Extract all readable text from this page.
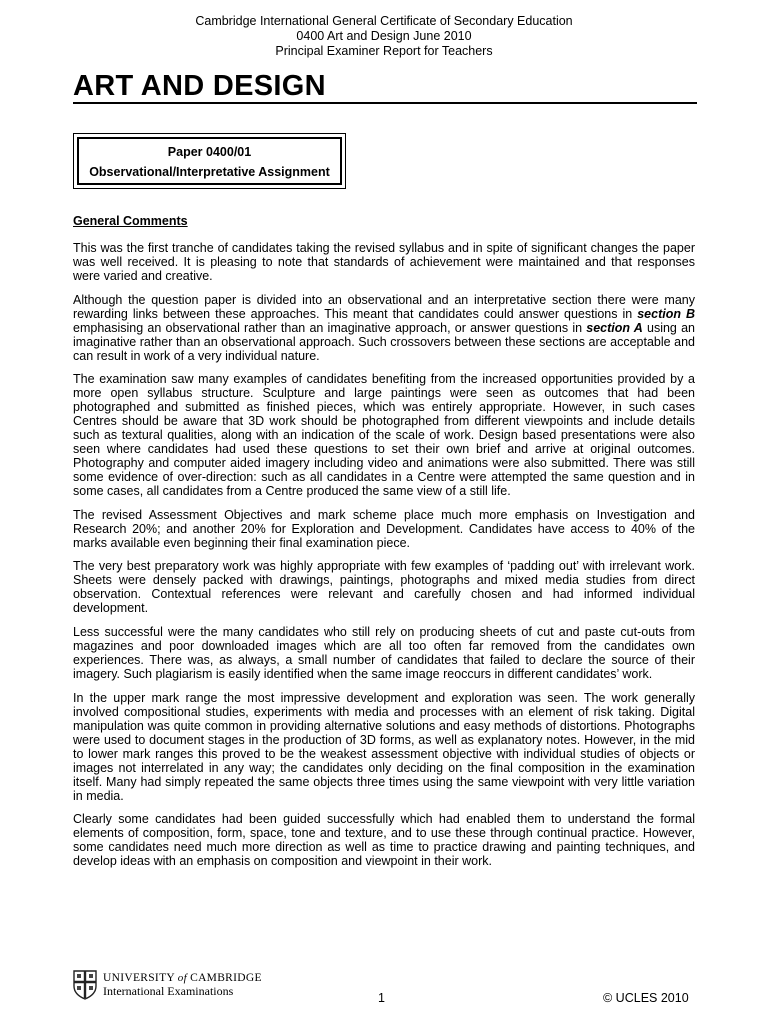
Cambridge International General Certificate of Secondary Education
0400 Art and Design June 2010
Principal Examiner Report for Teachers
ART AND DESIGN
Paper 0400/01
Observational/Interpretative Assignment
General Comments

This was the first tranche of candidates taking the revised syllabus and in spite of significant changes the paper was well received. It is pleasing to note that standards of achievement were maintained and that responses were varied and creative.

Although the question paper is divided into an observational and an interpretative section there were many rewarding links between these approaches. This meant that candidates could answer questions in section B emphasising an observational rather than an imaginative approach, or answer questions in section A using an imaginative rather than an observational approach. Such crossovers between these sections are acceptable and can result in work of a very individual nature.

The examination saw many examples of candidates benefiting from the increased opportunities provided by a more open syllabus structure. Sculpture and large paintings were seen as outcomes that had been photographed and submitted as finished pieces, which was entirely appropriate. However, in such cases Centres should be aware that 3D work should be photographed from different viewpoints and include details such as textural qualities, along with an indication of the scale of work. Design based presentations were also seen where candidates had used these questions to set their own brief and arrive at original outcomes. Photography and computer aided imagery including video and animations were also submitted. There was still some evidence of over-direction: such as all candidates in a Centre were attempted the same question and in some cases, all candidates from a Centre produced the same view of a still life.

The revised Assessment Objectives and mark scheme place much more emphasis on Investigation and Research 20%; and another 20% for Exploration and Development. Candidates have access to 40% of the marks available even beginning their final examination piece.

The very best preparatory work was highly appropriate with few examples of ‘padding out’ with irrelevant work. Sheets were densely packed with drawings, paintings, photographs and mixed media studies from direct observation. Contextual references were relevant and carefully chosen and had informed individual development.

Less successful were the many candidates who still rely on producing sheets of cut and paste cut-outs from magazines and poor downloaded images which are all too often far removed from the candidates own experiences. There was, as always, a small number of candidates that failed to declare the source of their imagery. Such plagiarism is easily identified when the same image reoccurs in different candidates’ work.

In the upper mark range the most impressive development and exploration was seen. The work generally involved compositional studies, experiments with media and processes with an element of risk taking. Digital manipulation was quite common in providing alternative solutions and easy methods of distortions. Photographs were used to document stages in the production of 3D forms, as well as explanatory notes. However, in the mid to lower mark ranges this proved to be the weakest assessment objective with individual studies of objects or images not interrelated in any way; the candidates only deciding on the final composition in the examination itself. Many had simply repeated the same objects three times using the same viewpoint with very little variation in media.

Clearly some candidates had been guided successfully which had enabled them to understand the formal elements of composition, form, space, tone and texture, and to use these through continual practice. However, some candidates need much more direction as well as time to practice drawing and painting techniques, and develop ideas with an emphasis on composition and viewpoint in their work.

UNIVERSITY of CAMBRIDGE
International Examinations	1	© UCLES 2010
